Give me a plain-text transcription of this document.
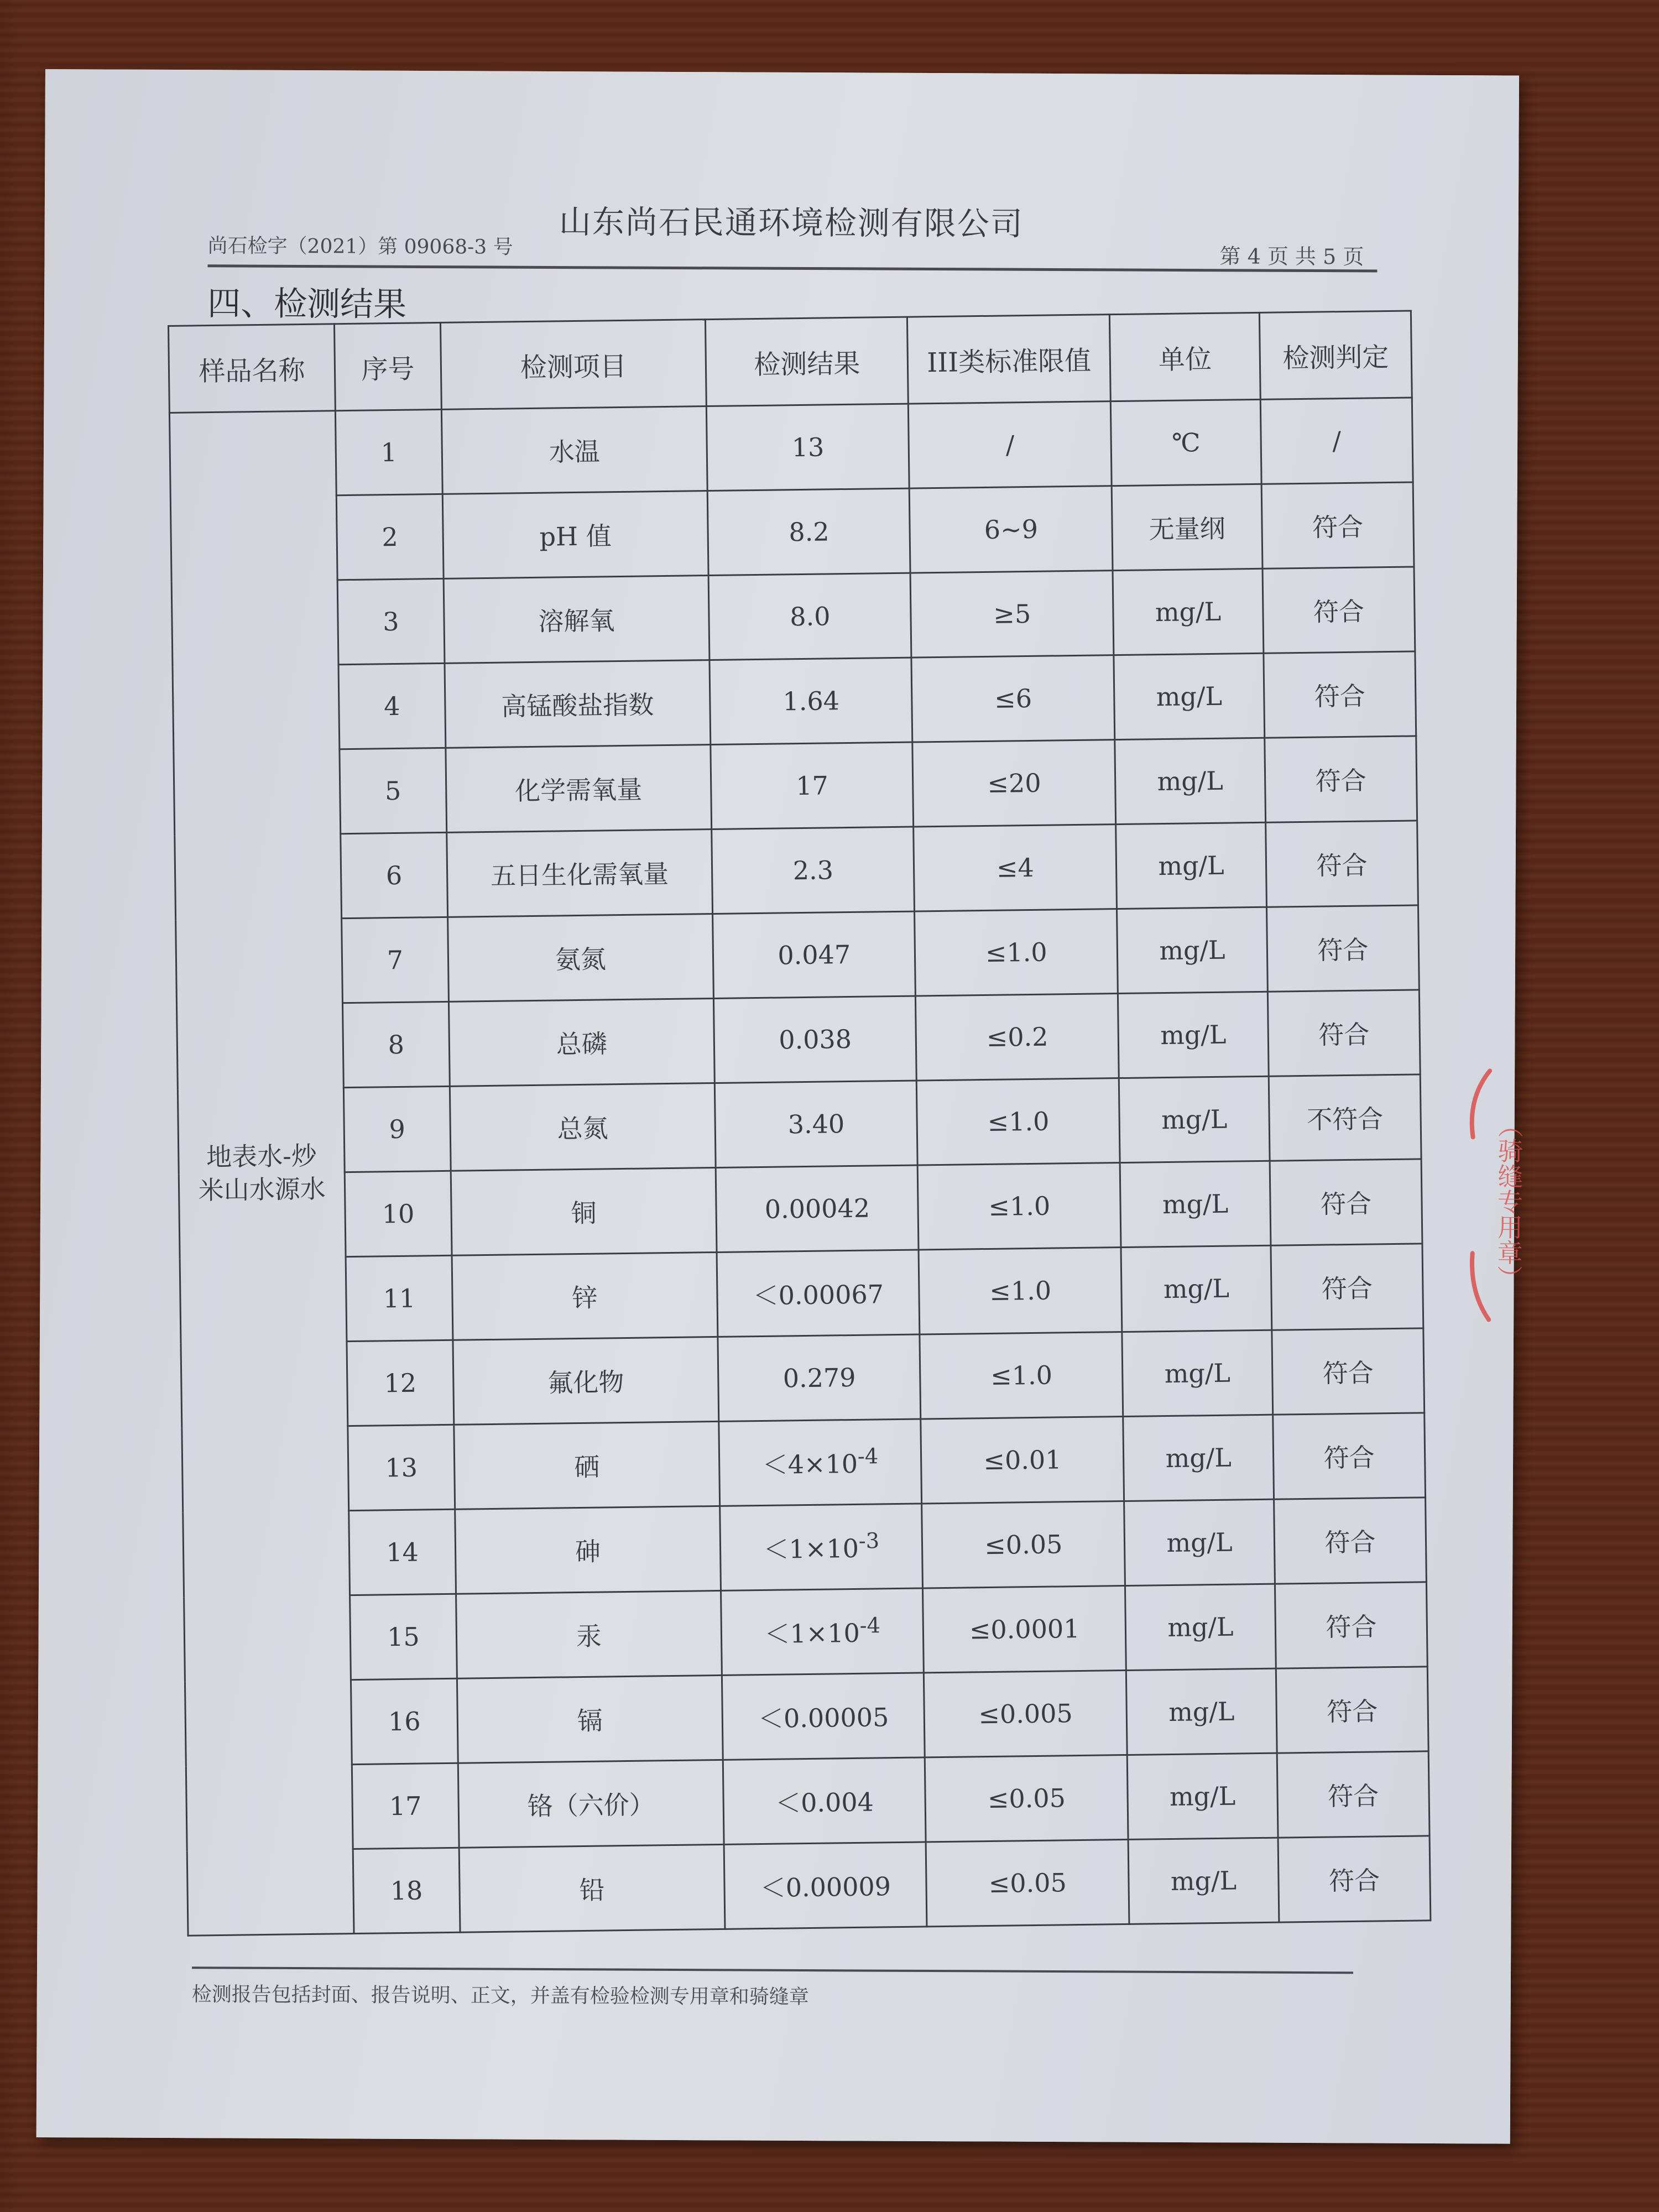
山东尚石民通环境检测有限公司
尚石检字（2021）第 09068-3 号	第 4 页 共 5 页
四、检测结果
样品名称	序号	检测项目	检测结果	III类标准限值	单位	检测判定
地表水-炒米山水源水	1	水温	13	/	℃	/
	2	pH 值	8.2	6~9	无量纲	符合
	3	溶解氧	8.0	≥5	mg/L	符合
	4	高锰酸盐指数	1.64	≤6	mg/L	符合
	5	化学需氧量	17	≤20	mg/L	符合
	6	五日生化需氧量	2.3	≤4	mg/L	符合
	7	氨氮	0.047	≤1.0	mg/L	符合
	8	总磷	0.038	≤0.2	mg/L	符合
	9	总氮	3.40	≤1.0	mg/L	不符合
	10	铜	0.00042	≤1.0	mg/L	符合
	11	锌	＜0.00067	≤1.0	mg/L	符合
	12	氟化物	0.279	≤1.0	mg/L	符合
	13	硒	$<4\times 10^{-4}$	≤0.01	mg/L	符合
	14	砷	$<1\times 10^{-3}$	≤0.05	mg/L	符合
	15	汞	$<1\times 10^{-4}$	≤0.0001	mg/L	符合
	16	镉	＜0.00005	≤0.005	mg/L	符合
	17	铬（六价）	＜0.004	≤0.05	mg/L	符合
	18	铅	＜0.00009	≤0.05	mg/L	符合
检测报告包括封面、报告说明、正文，并盖有检验检测专用章和骑缝章
（骑缝专用章）
